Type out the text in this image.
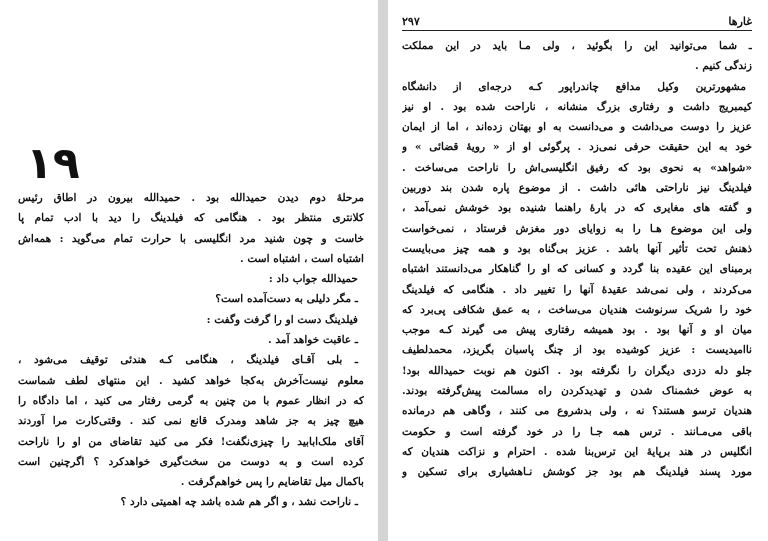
۱۹
مرحلهٔ دوم دیدن حمیدالله بود . حمیدالله بیرون در اطاق رئیس
کلانتری منتظر بود . هنگامی که فیلدینگ را دید با ادب تمام پا
خاست و چون شنید مرد انگلیسی با حرارت تمام می‌گوید : همه‌اش
اشتباه است ، اشتباه است .
حمیدالله جواب داد :
ـ مگر دلیلی به دست‌آمده است؟
فیلدینگ دست او را گرفت وگفت :
ـ عاقبت خواهد آمد .
ـ بلی آقـای فیلدینگ ، هنگامی کـه هندئی توقیف می‌شود ،
معلوم نیست‌آخرش به‌کجا خواهد کشید . این منتهای لطف شماست
که در انظار عموم با من چنین به گرمی رفتار می کنید ، اما دادگاه را
هیچ چیز به جز شاهد ومدرک قانع نمی کند . وقتی‌کارت مرا آوردند
آقای ملک‌ابابید را چیزی‌نگفت! فکر می کنید تقاضای من او را ناراحت
کرده است و به دوست من سخت‌گیری خواهدکرد ؟ اگرچنین است
باکمال میل تقاضایم را پس خواهم‌گرفت .
ـ ناراحت نشد ، و اگر هم شده باشد چه اهمیتی دارد ؟
غارها
۲۹۷
ـ شما می‌توانید این را بگوئید ، ولی مـا باید در این مملکت
زندگی کنیم .
مشهورترین وکیل مدافع چاندراپور کـه درجه‌ای از دانشگاه
کیمبریج داشت و رفتاری بزرگ منشانه ، ناراحت شده بود . او نیز
عزیز را دوست می‌داشت و می‌دانست به او بهتان زده‌اند ، اما از ایمان
خود به این حقیقت حرفی نمی‌زد . پرگوئی او از « رویهٔ قضائی » و
«شواهد» به نحوی بود که رفیق انگلیسی‌اش را ناراحت می‌ساخت .
فیلدینگ نیز ناراحتی هائی داشت . از موضوع پاره شدن بند دوربین
و گفته های مغایری که در بارهٔ راهنما شنیده بود خوشش نمی‌آمد ،
ولی این موضوع هـا را به زوایای دور مغزش فرستاد ، نمی‌خواست
ذهنش تحت تأثیر آنها باشد . عزیز بی‌گناه بود و همه چیز می‌بایست
برمبنای این عقیده بنا گردد و کسانی که او را گناهکار می‌دانستند اشتباه
می‌کردند ، ولی نمی‌شد عقیدهٔ آنها را تغییر داد . هنگامی که فیلدینگ
خود را شریک سرنوشت هندیان می‌ساخت ، به عمق شکافی پی‌برد که
میان او و آنها بود . بود همیشه رفتاری پیش می گیرند کـه موجب
ناامیدیست : عزیز کوشیده بود از چنگ پاسبان بگریزد، محمدلطیف
جلو دله دزدی دیگران را نگرفته بود . اکنون هم نوبت حمیدالله بود!
به عوض خشمناک شدن و تهدیدکردن راه مسالمت پیش‌گرفته بودند.
هندیان ترسو هستند؟ نه ، ولی بدشروع می کنند ، وگاهی هم درمانده
باقی می‌مـانند . ترس همه جـا را در خود گرفته است و حکومت
انگلیس در هند برپایهٔ این ترس‌بنا شده . احترام و نزاکت هندیان که
مورد پسند فیلدینگ هم بود جز کوشش نـاهشیاری برای تسکین و
